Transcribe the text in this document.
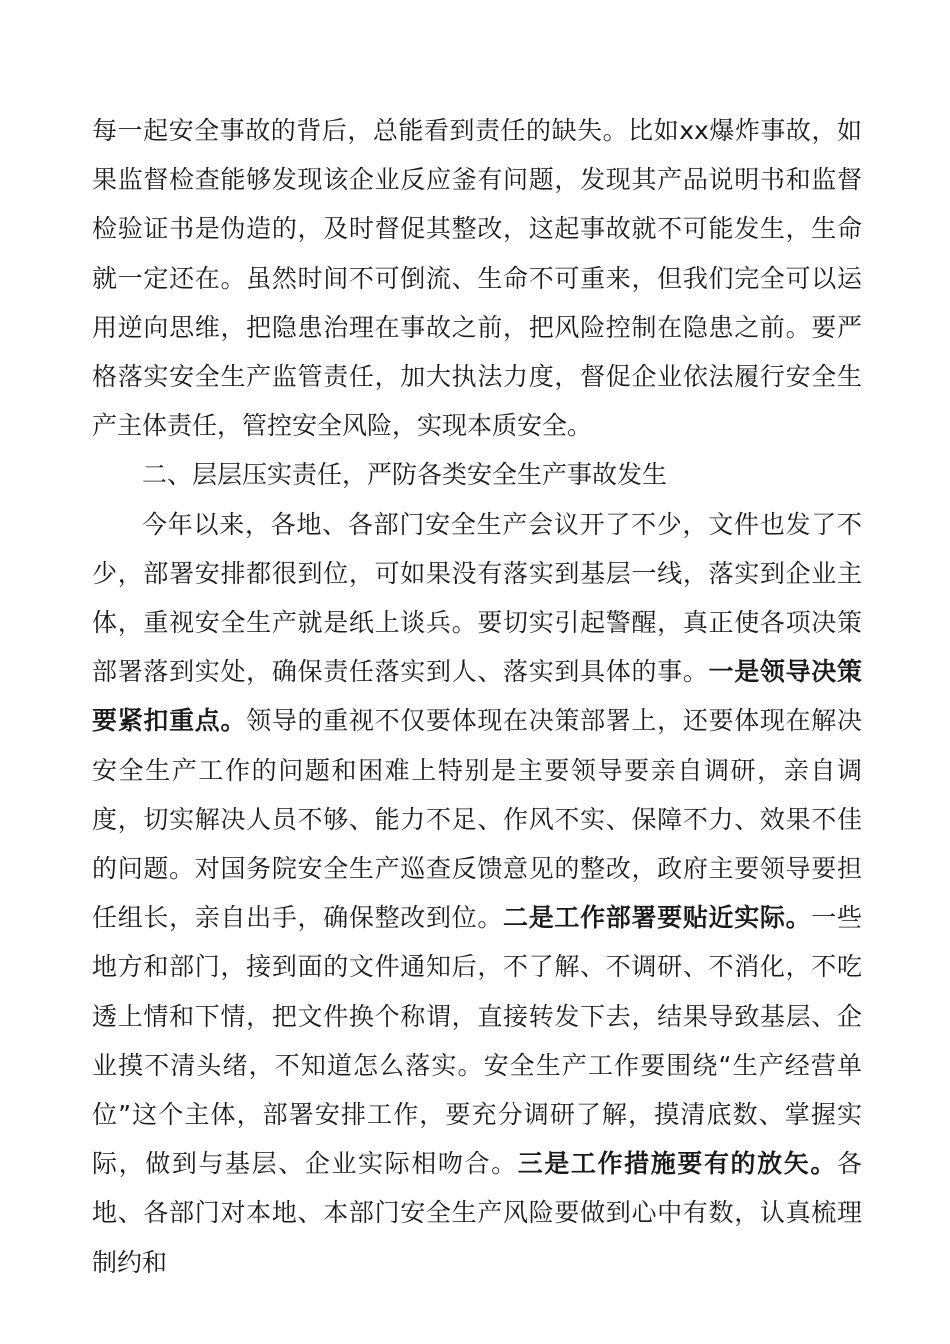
每一起安全事故的背后，总能看到责任的缺失。比如xx爆炸事故，如果监督检查能够发现该企业反应釜有问题，发现其产品说明书和监督检验证书是伪造的，及时督促其整改，这起事故就不可能发生，生命就一定还在。虽然时间不可倒流、生命不可重来，但我们完全可以运用逆向思维，把隐患治理在事故之前，把风险控制在隐患之前。要严格落实安全生产监管责任，加大执法力度，督促企业依法履行安全生产主体责任，管控安全风险，实现本质安全。

二、层层压实责任，严防各类安全生产事故发生

今年以来，各地、各部门安全生产会议开了不少，文件也发了不少，部署安排都很到位，可如果没有落实到基层一线，落实到企业主体，重视安全生产就是纸上谈兵。要切实引起警醒，真正使各项决策部署落到实处，确保责任落实到人、落实到具体的事。一是领导决策要紧扣重点。领导的重视不仅要体现在决策部署上，还要体现在解决安全生产工作的问题和困难上特别是主要领导要亲自调研，亲自调度，切实解决人员不够、能力不足、作风不实、保障不力、效果不佳的问题。对国务院安全生产巡查反馈意见的整改，政府主要领导要担任组长，亲自出手，确保整改到位。二是工作部署要贴近实际。一些地方和部门，接到面的文件通知后，不了解、不调研、不消化，不吃透上情和下情，把文件换个称谓，直接转发下去，结果导致基层、企业摸不清头绪，不知道怎么落实。安全生产工作要围绕“生产经营单位”这个主体，部署安排工作，要充分调研了解，摸清底数、掌握实际，做到与基层、企业实际相吻合。三是工作措施要有的放矢。各地、各部门对本地、本部门安全生产风险要做到心中有数，认真梳理制约和
